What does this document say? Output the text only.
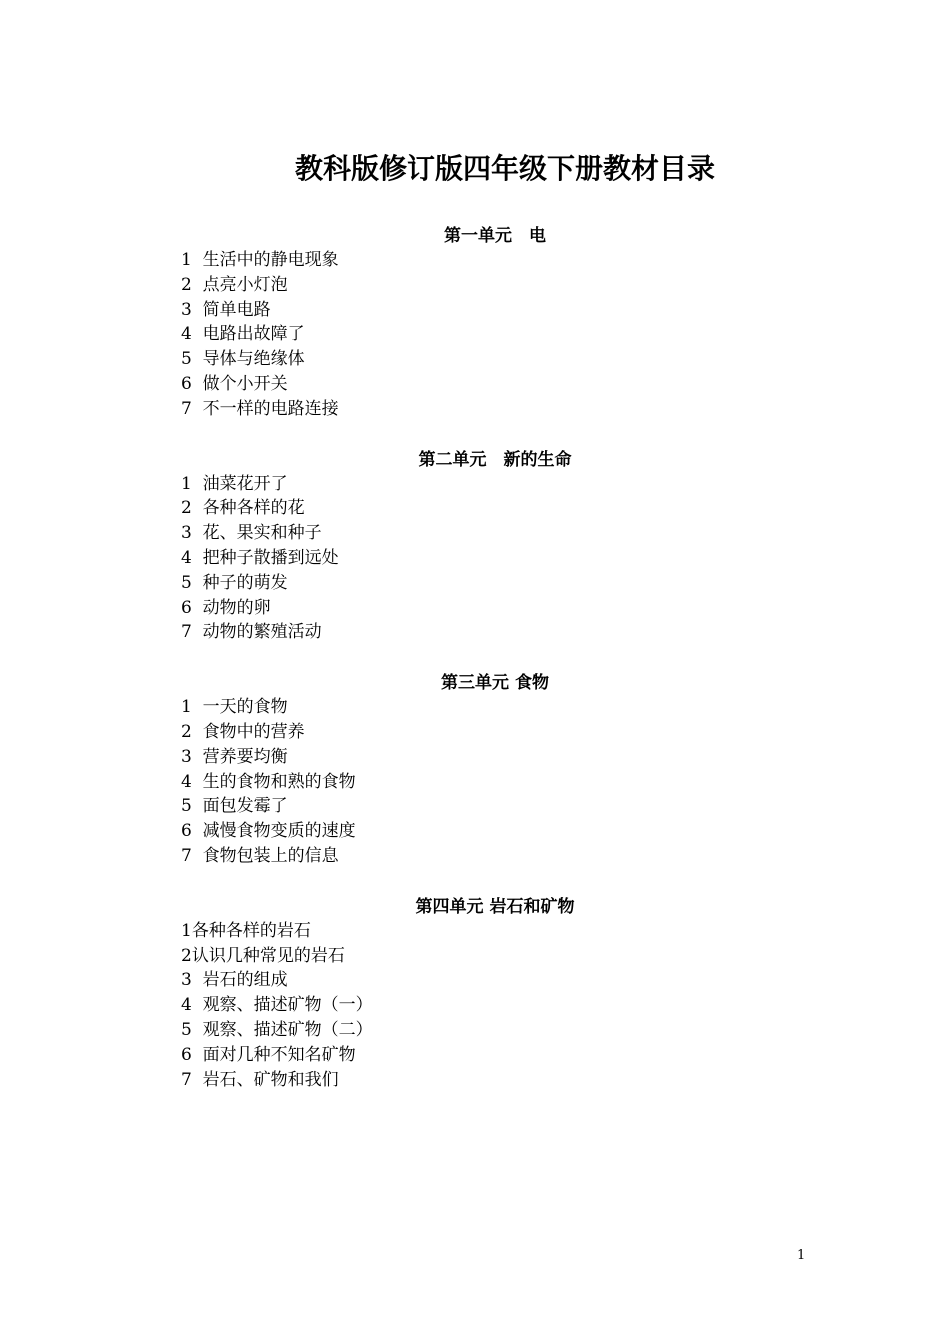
教科版修订版四年级下册教材目录
第一单元　电
1  生活中的静电现象
2  点亮小灯泡
3  简单电路
4  电路出故障了
5  导体与绝缘体
6  做个小开关
7  不一样的电路连接
第二单元　新的生命
1  油菜花开了
2  各种各样的花
3  花、果实和种子
4  把种子散播到远处
5  种子的萌发
6  动物的卵
7  动物的繁殖活动
第三单元 食物
1  一天的食物
2  食物中的营养
3  营养要均衡
4  生的食物和熟的食物
5  面包发霉了
6  减慢食物变质的速度
7  食物包装上的信息
第四单元 岩石和矿物
1各种各样的岩石
2认识几种常见的岩石
3  岩石的组成
4  观察、描述矿物（一）
5  观察、描述矿物（二）
6  面对几种不知名矿物
7  岩石、矿物和我们
1
